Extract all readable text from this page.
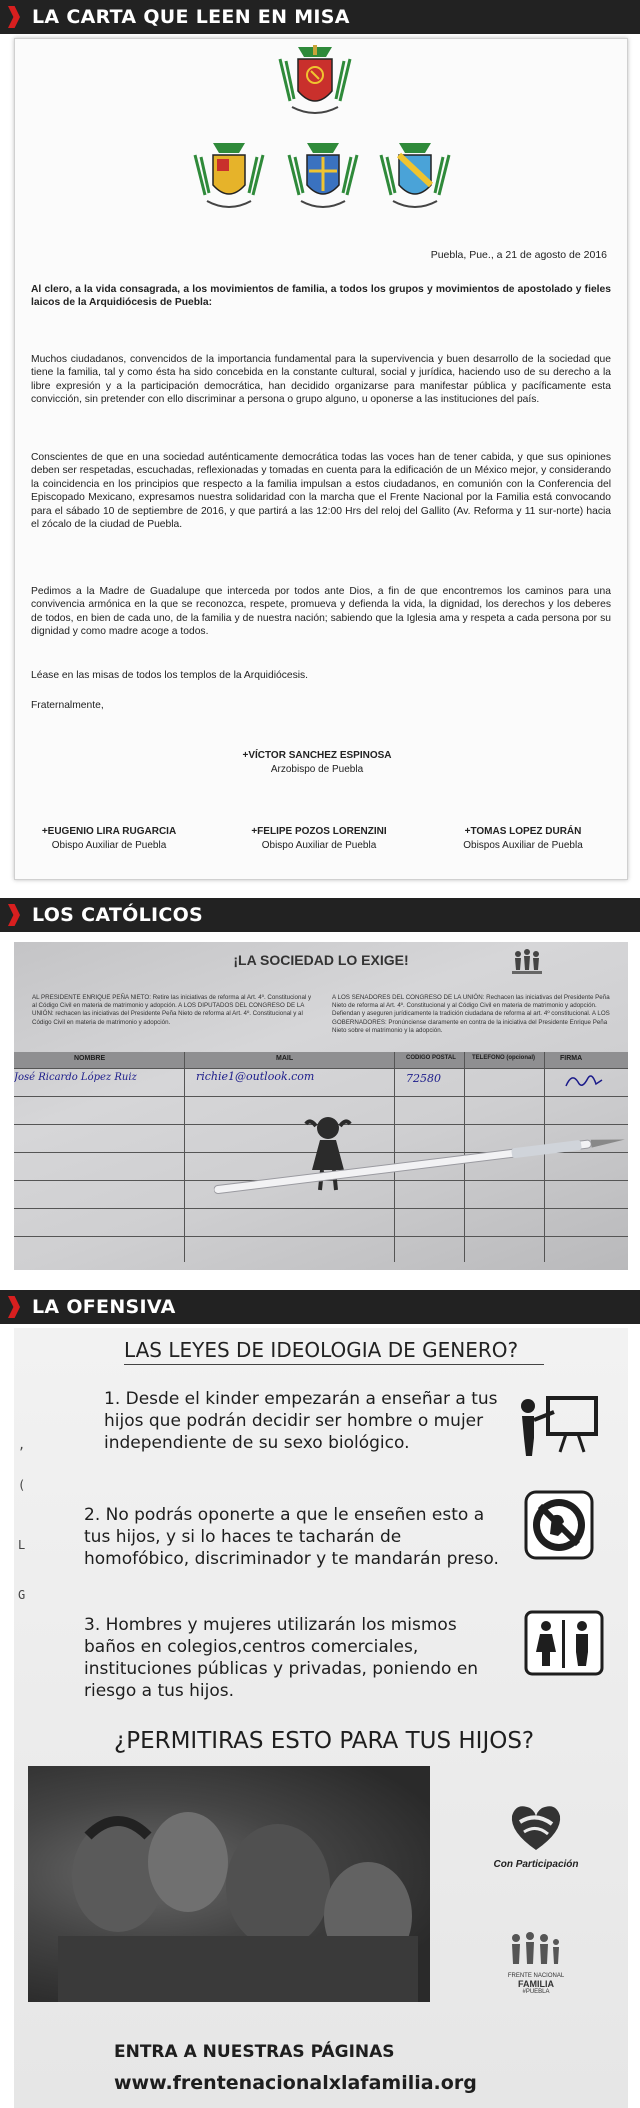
LA CARTA QUE LEEN EN MISA
Puebla, Pue., a 21 de agosto de 2016
Al clero, a la vida consagrada, a los movimientos de familia, a todos los grupos y movimientos de apostolado y fieles laicos de la Arquidiócesis de Puebla:
Muchos ciudadanos, convencidos de la importancia fundamental para la supervivencia y buen desarrollo de la sociedad que tiene la familia, tal y como ésta ha sido concebida en la constante cultural, social y jurídica, haciendo uso de su derecho a la libre expresión y a la participación democrática, han decidido organizarse para manifestar pública y pacíficamente esta convicción, sin pretender con ello discriminar a persona o grupo alguno, u oponerse a las instituciones del país.
Conscientes de que en una sociedad auténticamente democrática todas las voces han de tener cabida, y que sus opiniones deben ser respetadas, escuchadas, reflexionadas y tomadas en cuenta para la edificación de un México mejor, y considerando la coincidencia en los principios que respecto a la familia impulsan a estos ciudadanos, en comunión con la Conferencia del Episcopado Mexicano, expresamos nuestra solidaridad con la marcha que el Frente Nacional por la Familia está convocando para el sábado 10 de septiembre de 2016, y que partirá a las 12:00 Hrs del reloj del Gallito (Av. Reforma y 11 sur-norte) hacia el zócalo de la ciudad de Puebla.
Pedimos a la Madre de Guadalupe que interceda por todos ante Dios, a fin de que encontremos los caminos para una convivencia armónica en la que se reconozca, respete, promueva y defienda la vida, la dignidad, los derechos y los deberes de todos, en bien de cada uno, de la familia y de nuestra nación; sabiendo que la Iglesia ama y respeta a cada persona por su dignidad y como madre acoge a todos.
Léase en las misas de todos los templos de la Arquidiócesis.
Fraternalmente,
+VÍCTOR SANCHEZ ESPINOSA
Arzobispo de Puebla
+EUGENIO LIRA RUGARCIA
Obispo Auxiliar de Puebla
+FELIPE POZOS LORENZINI
Obispo Auxiliar de Puebla
+TOMAS LOPEZ DURÁN
Obispos Auxiliar de Puebla
LOS CATÓLICOS
¡LA SOCIEDAD LO EXIGE!
AL PRESIDENTE ENRIQUE PEÑA NIETO: Retire las iniciativas de reforma al Art. 4º. Constitucional y al Código Civil en materia de matrimonio y adopción. A LOS DIPUTADOS DEL CONGRESO DE LA UNIÓN: rechacen las iniciativas del Presidente Peña Nieto de reforma al Art. 4º. Constitucional y al Código Civil en materia de matrimonio y adopción.
A LOS SENADORES DEL CONGRESO DE LA UNIÓN: Rechacen las iniciativas del Presidente Peña Nieto de reforma al Art. 4º. Constitucional y al Código Civil en materia de matrimonio y adopción. Defiendan y aseguren jurídicamente la tradición ciudadana de reforma al art. 4º constitucional. A LOS GOBERNADORES: Pronúnciense claramente en contra de la iniciativa del Presidente Enrique Peña Nieto sobre el matrimonio y la adopción.
NOMBRE	MAIL	CODIGO POSTAL	TELEFONO (opcional)	FIRMA
José Ricardo López Ruiz	richie1@outlook.com	72580
LA OFENSIVA
LAS LEYES DE IDEOLOGIA DE GENERO?
,
(
L
G
1. Desde el kinder empezarán a enseñar a tus hijos que podrán decidir ser hombre o mujer independiente de su sexo biológico.
2. No podrás oponerte a que le enseñen esto a tus hijos, y si lo haces te tacharán de homofóbico, discriminador y te mandarán preso.
3. Hombres y mujeres utilizarán los mismos baños en colegios,centros comerciales, instituciones públicas y privadas, poniendo en riesgo a tus hijos.
¿PERMITIRAS ESTO PARA TUS HIJOS?
Con Participación
FRENTE NACIONAL
FAMILIA
#PUEBLA
ENTRA A NUESTRAS PÁGINAS
www.frentenacionalxlafamilia.org
